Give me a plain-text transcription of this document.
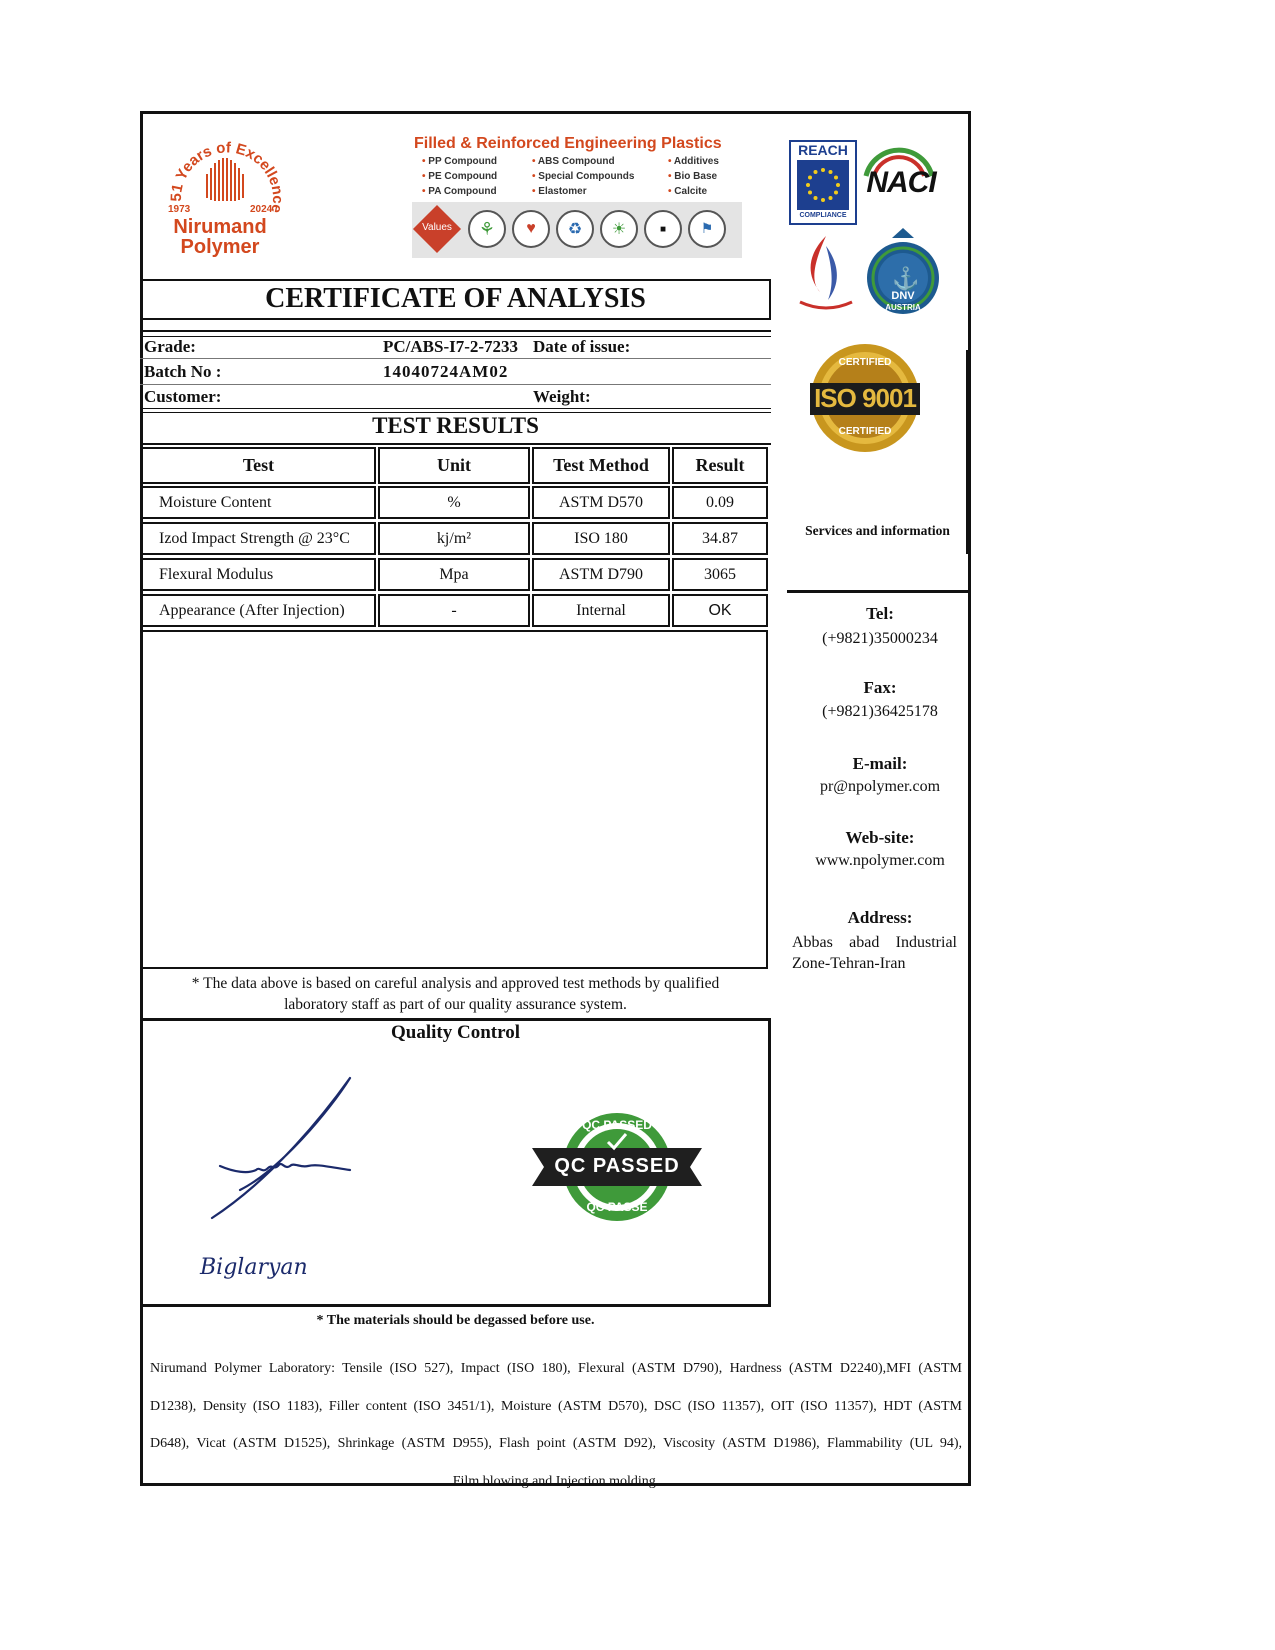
51 Years of Excellence
1973	2024
Nirumand
Polymer
Filled & Reinforced Engineering Plastics
• PP Compound	• ABS Compound	• Additives
• PE Compound	• Special Compounds	• Bio Base
• PA Compound	• Elastomer	• Calcite
Values	⚘ ♥ ♻ ☀	■ ⚑
REACH
COMPLIANCE
NACI
⚓
DNV
AUSTRIA
CERTIFIED
ISO 9001
CERTIFIED
CERTIFICATE OF ANALYSIS
Grade:	PC/ABS-I7-2-7233 Date of issue:
Batch No :	14040724AM02
Customer:	Weight:
TEST RESULTS
Test	Unit	Test Method	Result
Moisture Content	%	ASTM D570	0.09
Izod Impact Strength @ 23°C	kj/m²	ISO 180	34.87
Flexural Modulus	Mpa	ASTM D790	3065
Appearance (After Injection)	-	Internal	OK
* The data above is based on careful analysis and approved test methods by qualified
laboratory staff as part of our quality assurance system.
Quality Control
Biglaryan
QC PASSED
QC PASSED
QC PASSE
* The materials should be degassed before use.
Nirumand Polymer Laboratory: Tensile (ISO 527), Impact (ISO 180), Flexural (ASTM D790), Hardness (ASTM D2240),MFI (ASTM
D1238), Density (ISO 1183), Filler content (ISO 3451/1), Moisture (ASTM D570), DSC (ISO 11357), OIT (ISO 11357), HDT (ASTM
D648), Vicat (ASTM D1525), Shrinkage (ASTM D955), Flash point (ASTM D92), Viscosity (ASTM D1986), Flammability (UL 94),
Film blowing and Injection molding.
Services and information
Tel:
(+9821)35000234
Fax:
(+9821)36425178
E-mail:
pr@npolymer.com
Web-site:
www.npolymer.com
Address:
Abbas abad Industrial
Zone-Tehran-Iran
